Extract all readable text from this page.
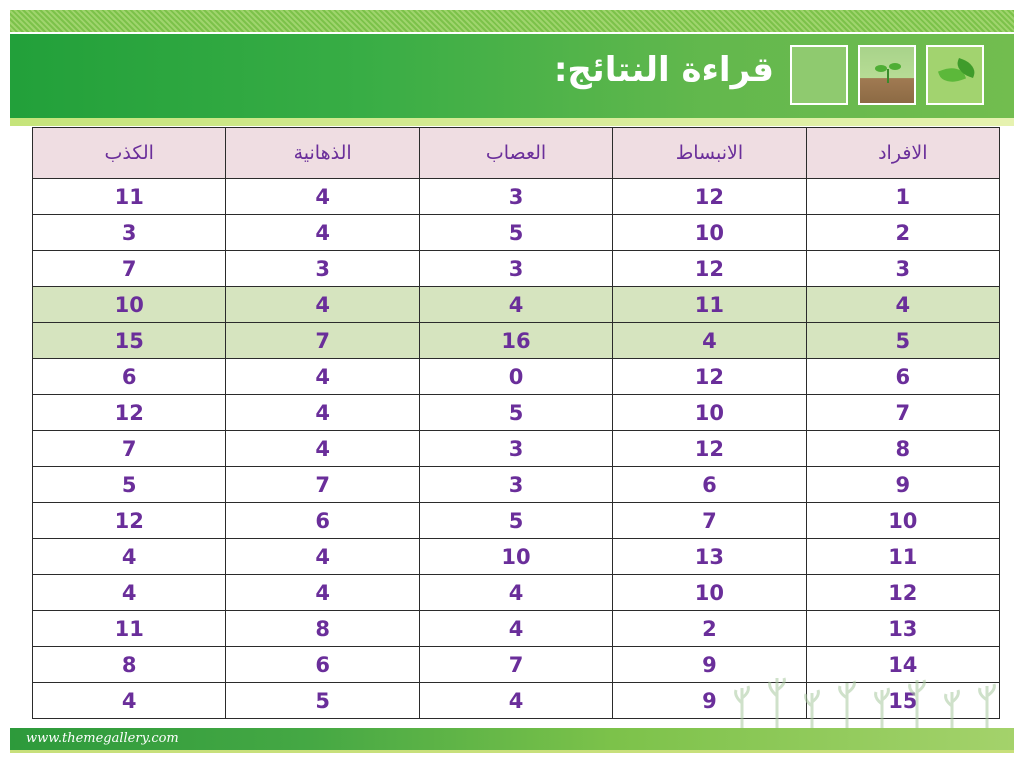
قراءة النتائج:
الافراد	الانبساط	العصاب	الذهانية	الكذب
1	12	3	4	11
2	10	5	4	3
3	12	3	3	7
4	11	4	4	10
5	4	16	7	15
6	12	0	4	6
7	10	5	4	12
8	12	3	4	7
9	6	3	7	5
10	7	5	6	12
11	13	10	4	4
12	10	4	4	4
13	2	4	8	11
14	9	7	6	8
15	9	4	5	4
www.themegallery.com
